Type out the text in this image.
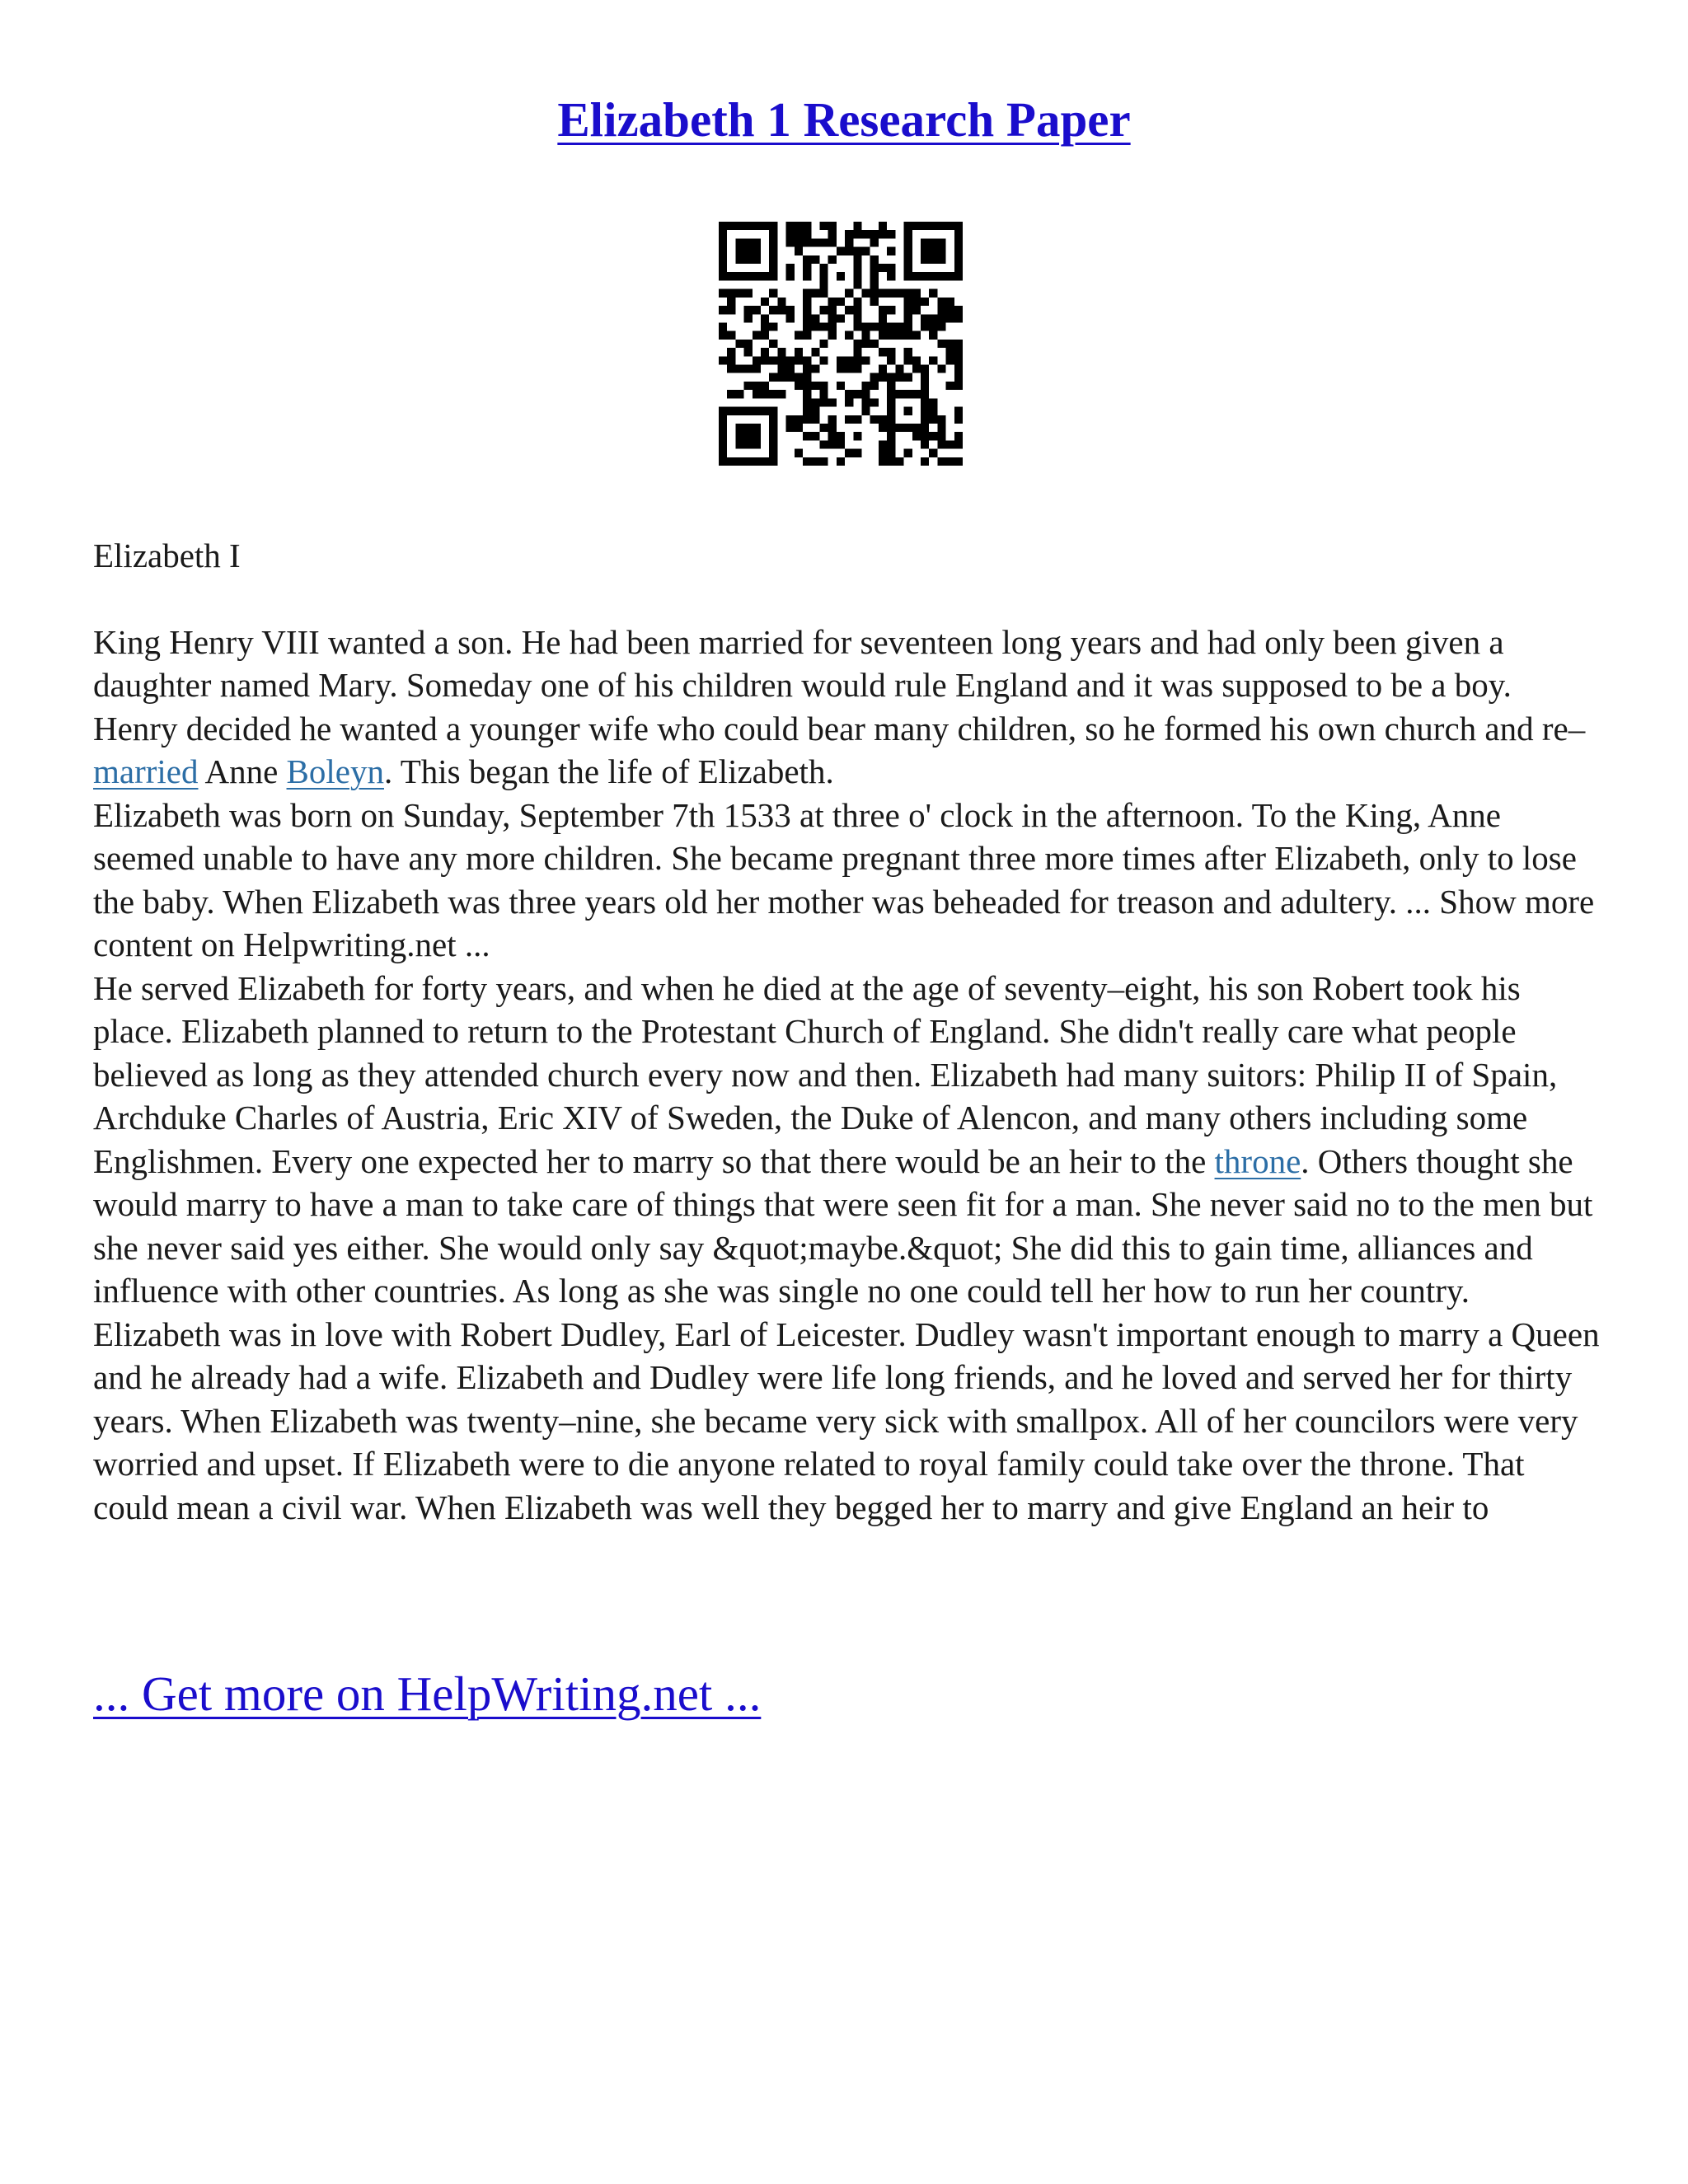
Elizabeth 1 Research Paper

Elizabeth I

King Henry VIII wanted a son. He had been married for seventeen long years and had only been given a daughter named Mary. Someday one of his children would rule England and it was supposed to be a boy. Henry decided he wanted a younger wife who could bear many children, so he formed his own church and re–married Anne Boleyn. This began the life of Elizabeth.

Elizabeth was born on Sunday, September 7th 1533 at three o' clock in the afternoon. To the King, Anne seemed unable to have any more children. She became pregnant three more times after Elizabeth, only to lose the baby. When Elizabeth was three years old her mother was beheaded for treason and adultery. ... Show more content on Helpwriting.net ...

He served Elizabeth for forty years, and when he died at the age of seventy–eight, his son Robert took his place. Elizabeth planned to return to the Protestant Church of England. She didn't really care what people believed as long as they attended church every now and then. Elizabeth had many suitors: Philip II of Spain, Archduke Charles of Austria, Eric XIV of Sweden, the Duke of Alencon, and many others including some Englishmen. Every one expected her to marry so that there would be an heir to the throne. Others thought she would marry to have a man to take care of things that were seen fit for a man. She never said no to the men but she never said yes either. She would only say &quot;maybe.&quot; She did this to gain time, alliances and influence with other countries. As long as she was single no one could tell her how to run her country. Elizabeth was in love with Robert Dudley, Earl of Leicester. Dudley wasn't important enough to marry a Queen and he already had a wife. Elizabeth and Dudley were life long friends, and he loved and served her for thirty years. When Elizabeth was twenty–nine, she became very sick with smallpox. All of her councilors were very worried and upset. If Elizabeth were to die anyone related to royal family could take over the throne. That could mean a civil war. When Elizabeth was well they begged her to marry and give England an heir to

... Get more on HelpWriting.net ...
